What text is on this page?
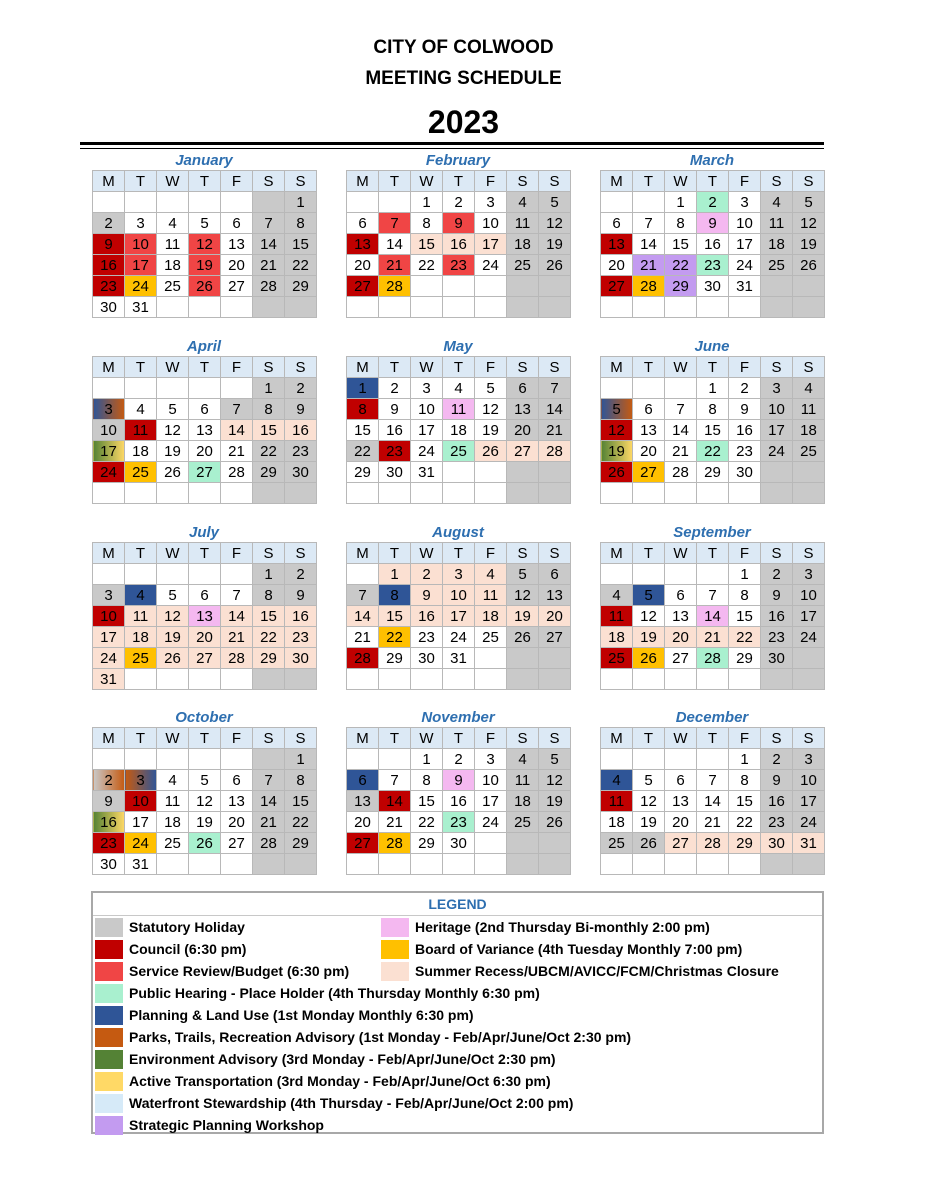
CITY OF COLWOOD
MEETING SCHEDULE
2023
January
M	T	W	T	F	S	S
						1
2	3	4	5	6	7	8
9	10	11	12	13	14	15
16	17	18	19	20	21	22
23	24	25	26	27	28	29
30	31					
February
M	T	W	T	F	S	S
		1	2	3	4	5
6	7	8	9	10	11	12
13	14	15	16	17	18	19
20	21	22	23	24	25	26
27	28					

March
M	T	W	T	F	S	S
		1	2	3	4	5
6	7	8	9	10	11	12
13	14	15	16	17	18	19
20	21	22	23	24	25	26
27	28	29	30	31		

April
M	T	W	T	F	S	S
					1	2
3	4	5	6	7	8	9
10	11	12	13	14	15	16
17	18	19	20	21	22	23
24	25	26	27	28	29	30

May
M	T	W	T	F	S	S
1	2	3	4	5	6	7
8	9	10	11	12	13	14
15	16	17	18	19	20	21
22	23	24	25	26	27	28
29	30	31				

June
M	T	W	T	F	S	S
			1	2	3	4
5	6	7	8	9	10	11
12	13	14	15	16	17	18
19	20	21	22	23	24	25
26	27	28	29	30		

July
M	T	W	T	F	S	S
					1	2
3	4	5	6	7	8	9
10	11	12	13	14	15	16
17	18	19	20	21	22	23
24	25	26	27	28	29	30
31						
August
M	T	W	T	F	S	S
	1	2	3	4	5	6
7	8	9	10	11	12	13
14	15	16	17	18	19	20
21	22	23	24	25	26	27
28	29	30	31			

September
M	T	W	T	F	S	S
				1	2	3
4	5	6	7	8	9	10
11	12	13	14	15	16	17
18	19	20	21	22	23	24
25	26	27	28	29	30	

October
M	T	W	T	F	S	S
						1
2	3	4	5	6	7	8
9	10	11	12	13	14	15
16	17	18	19	20	21	22
23	24	25	26	27	28	29
30	31					
November
M	T	W	T	F	S	S
		1	2	3	4	5
6	7	8	9	10	11	12
13	14	15	16	17	18	19
20	21	22	23	24	25	26
27	28	29	30			

December
M	T	W	T	F	S	S
				1	2	3
4	5	6	7	8	9	10
11	12	13	14	15	16	17
18	19	20	21	22	23	24
25	26	27	28	29	30	31

LEGEND
Statutory Holiday
Council (6:30 pm)
Service Review/Budget (6:30 pm)
Public Hearing - Place Holder (4th Thursday Monthly 6:30 pm)
Planning & Land Use (1st Monday Monthly 6:30 pm)
Parks, Trails, Recreation Advisory (1st Monday - Feb/Apr/June/Oct 2:30 pm)
Environment Advisory (3rd Monday - Feb/Apr/June/Oct 2:30 pm)
Active Transportation (3rd Monday - Feb/Apr/June/Oct 6:30 pm)
Waterfront Stewardship (4th Thursday - Feb/Apr/June/Oct 2:00 pm)
Strategic Planning Workshop
Heritage (2nd Thursday Bi-monthly 2:00 pm)
Board of Variance (4th Tuesday Monthly 7:00 pm)
Summer Recess/UBCM/AVICC/FCM/Christmas Closure
